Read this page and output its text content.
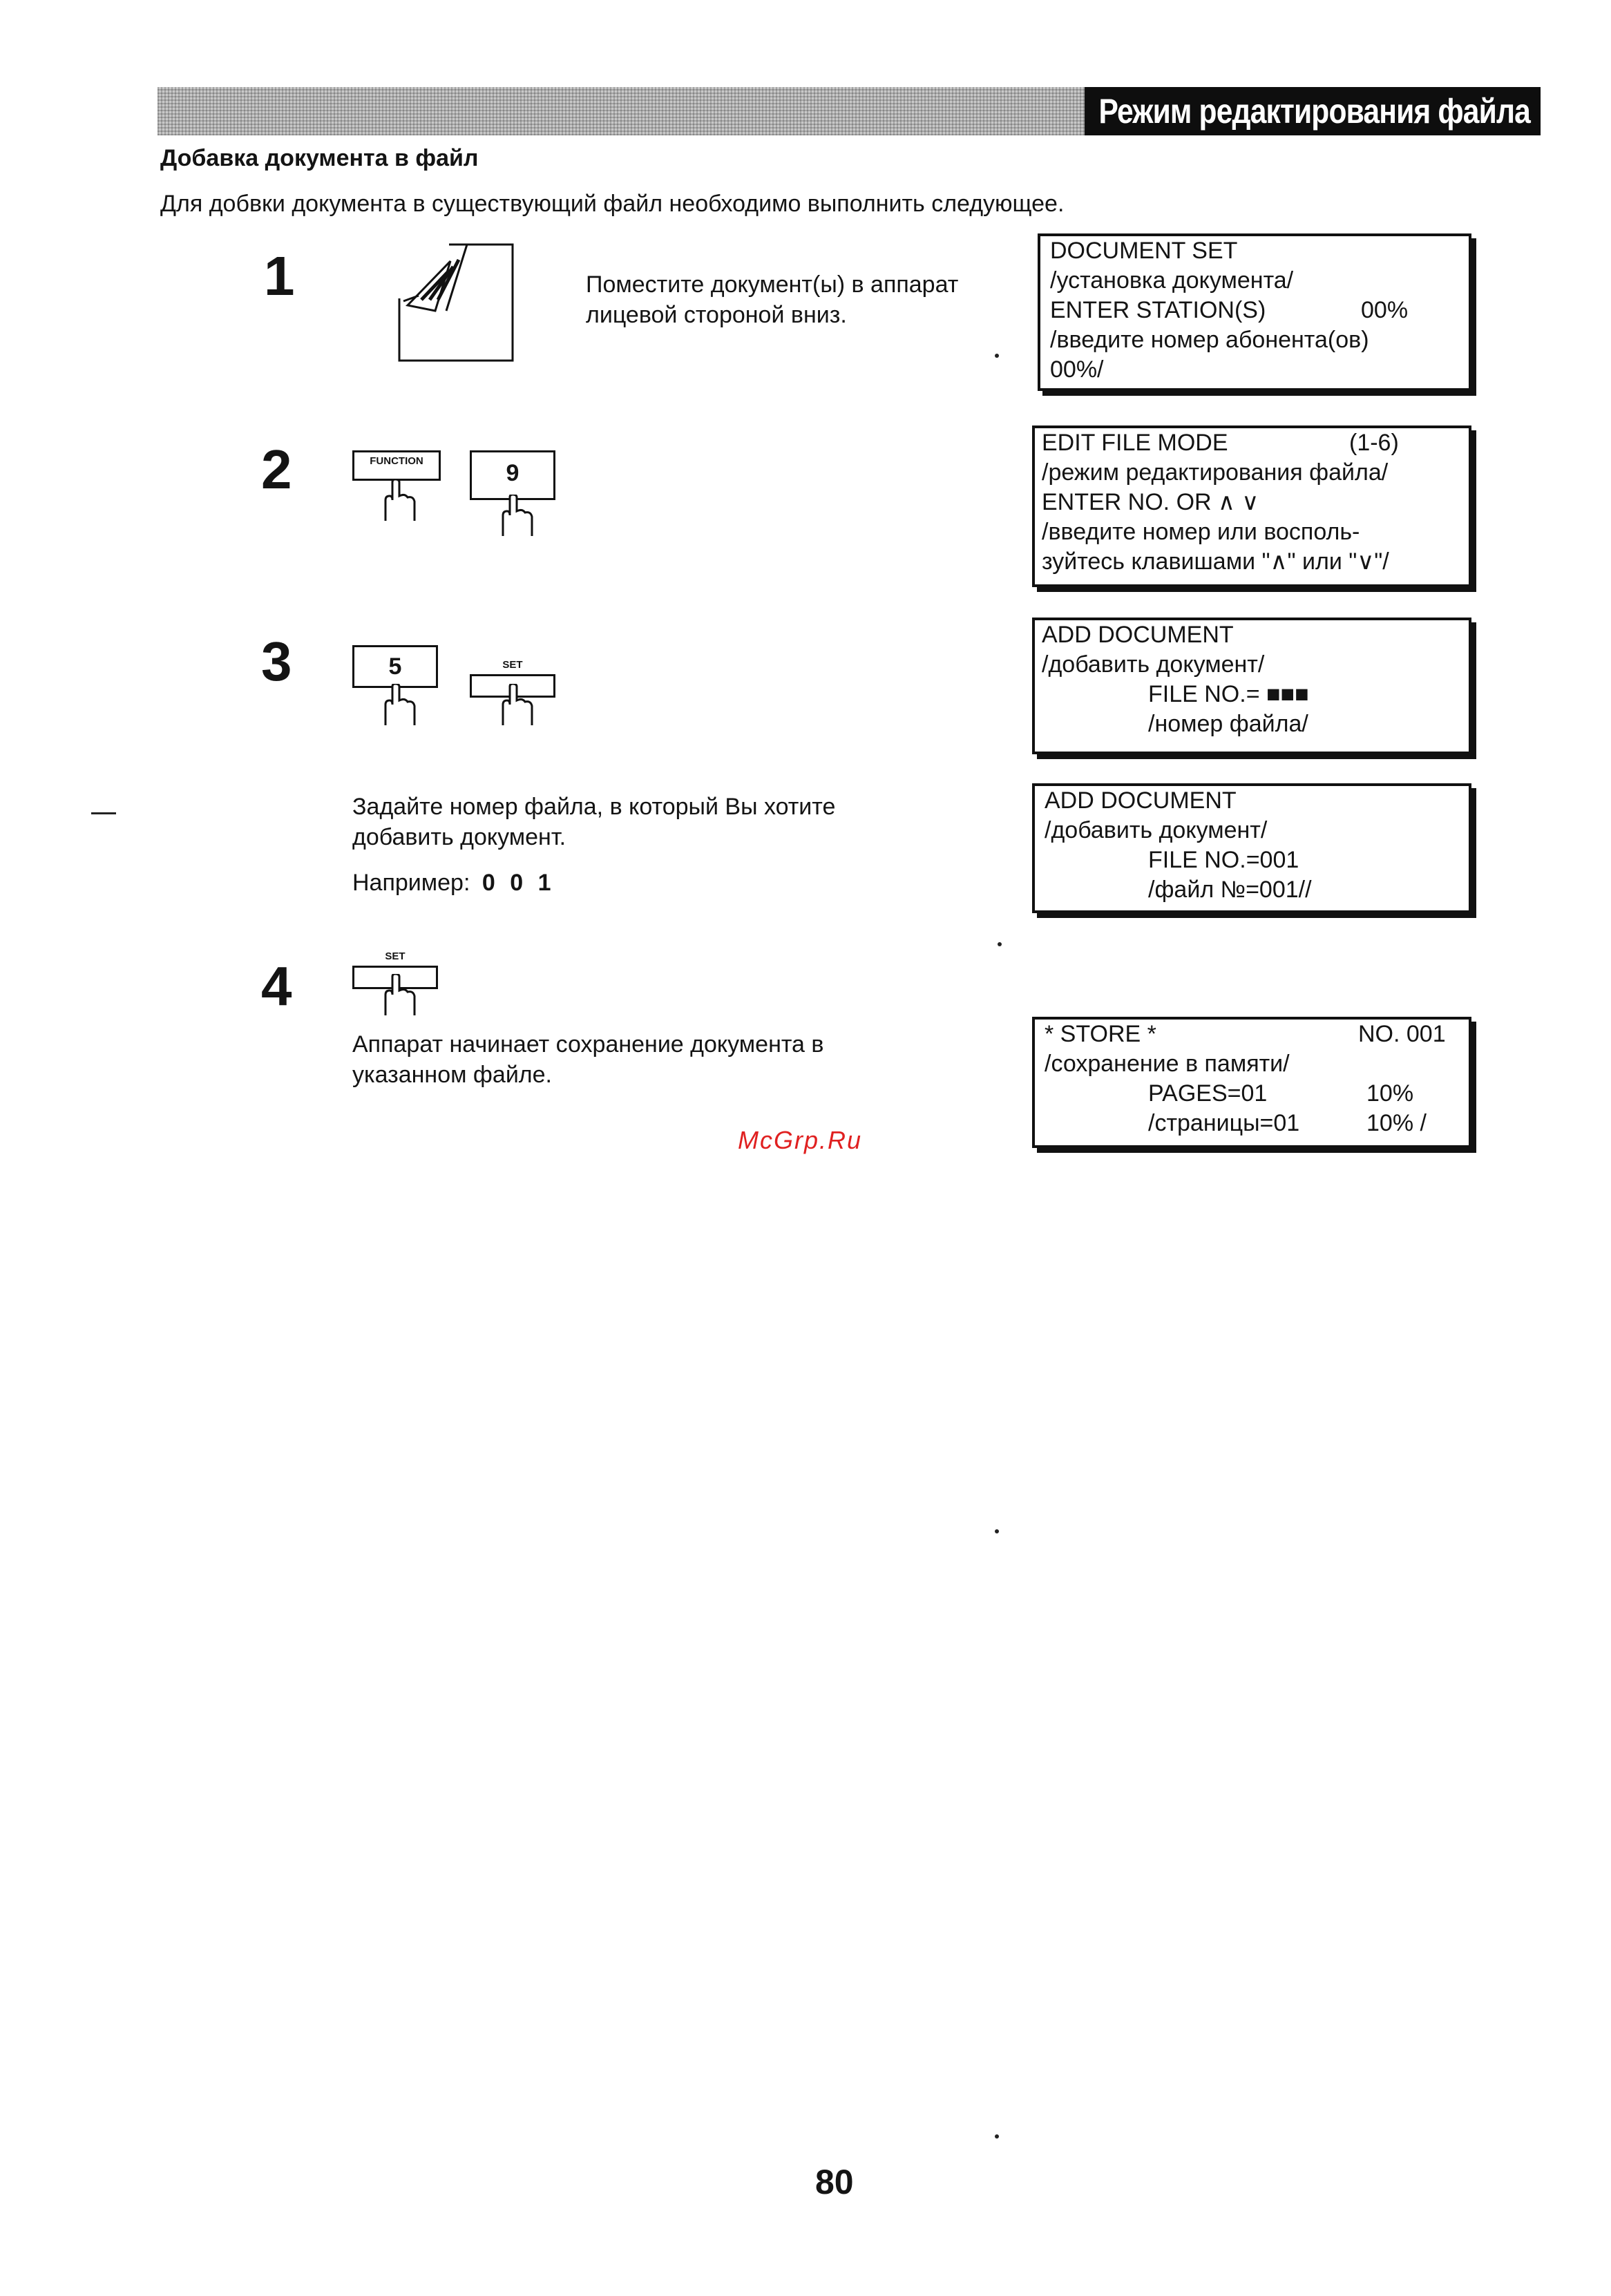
Режим редактирования файла
Добавка документа в файл
Для добвки документа в существующий файл необходимо выполнить следующее.
1	Поместите документ(ы) в аппарат
лицевой стороной вниз.
2	FUNCTION	9
3	5	SET
Задайте номер файла, в который Вы хотите
добавить документ.
Например: 0 0 1
4	SET
Аппарат начинает сохранение документа в
указанном файле.
DOCUMENT SET
/установка документа/
ENTER STATION(S)	00%
/введите номер абонента(ов)
00%/
EDIT FILE MODE	(1-6)
/режим редактирования файла/
ENTER NO. OR ∧ ∨
/введите номер или восполь-
зуйтесь клавишами "∧" или "∨"/
ADD DOCUMENT
/добавить документ/
FILE NO.= ■■■
/номер файла/
ADD DOCUMENT
/добавить документ/
FILE NO.=001
/файл №=001//
* STORE *	NO. 001
/сохранение в памяти/
PAGES=01	10%
/страницы=01	10% /
McGrp.Ru
80
